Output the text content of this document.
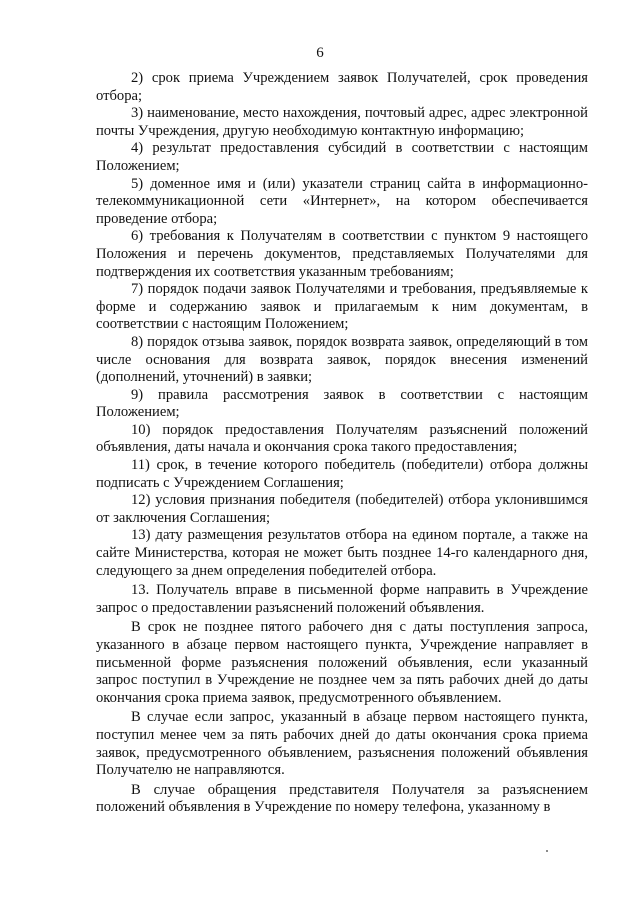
6

2) срок приема Учреждением заявок Получателей, срок проведения отбора;

3) наименование, место нахождения, почтовый адрес, адрес электронной почты Учреждения, другую необходимую контактную информацию;

4) результат предоставления субсидий в соответствии с настоящим Положением;

5) доменное имя и (или) указатели страниц сайта в информационно-телекоммуникационной сети «Интернет», на котором обеспечивается проведение отбора;

6) требования к Получателям в соответствии с пунктом 9 настоящего Положения и перечень документов, представляемых Получателями для подтверждения их соответствия указанным требованиям;

7) порядок подачи заявок Получателями и требования, предъявляемые к форме и содержанию заявок и прилагаемым к ним документам, в соответствии с настоящим Положением;

8) порядок отзыва заявок, порядок возврата заявок, определяющий в том числе основания для возврата заявок, порядок внесения изменений (дополнений, уточнений) в заявки;

9) правила рассмотрения заявок в соответствии с настоящим Положением;

10) порядок предоставления Получателям разъяснений положений объявления, даты начала и окончания срока такого предоставления;

11) срок, в течение которого победитель (победители) отбора должны подписать с Учреждением Соглашения;

12) условия признания победителя (победителей) отбора уклонившимся от заключения Соглашения;

13) дату размещения результатов отбора на едином портале, а также на сайте Министерства, которая не может быть позднее 14-го календарного дня, следующего за днем определения победителей отбора.

13. Получатель вправе в письменной форме направить в Учреждение запрос о предоставлении разъяснений положений объявления.

В срок не позднее пятого рабочего дня с даты поступления запроса, указанного в абзаце первом настоящего пункта, Учреждение направляет в письменной форме разъяснения положений объявления, если указанный запрос поступил в Учреждение не позднее чем за пять рабочих дней до даты окончания срока приема заявок, предусмотренного объявлением.

В случае если запрос, указанный в абзаце первом настоящего пункта, поступил менее чем за пять рабочих дней до даты окончания срока приема заявок, предусмотренного объявлением, разъяснения положений объявления Получателю не направляются.

В случае обращения представителя Получателя за разъяснением положений объявления в Учреждение по номеру телефона, указанному в
